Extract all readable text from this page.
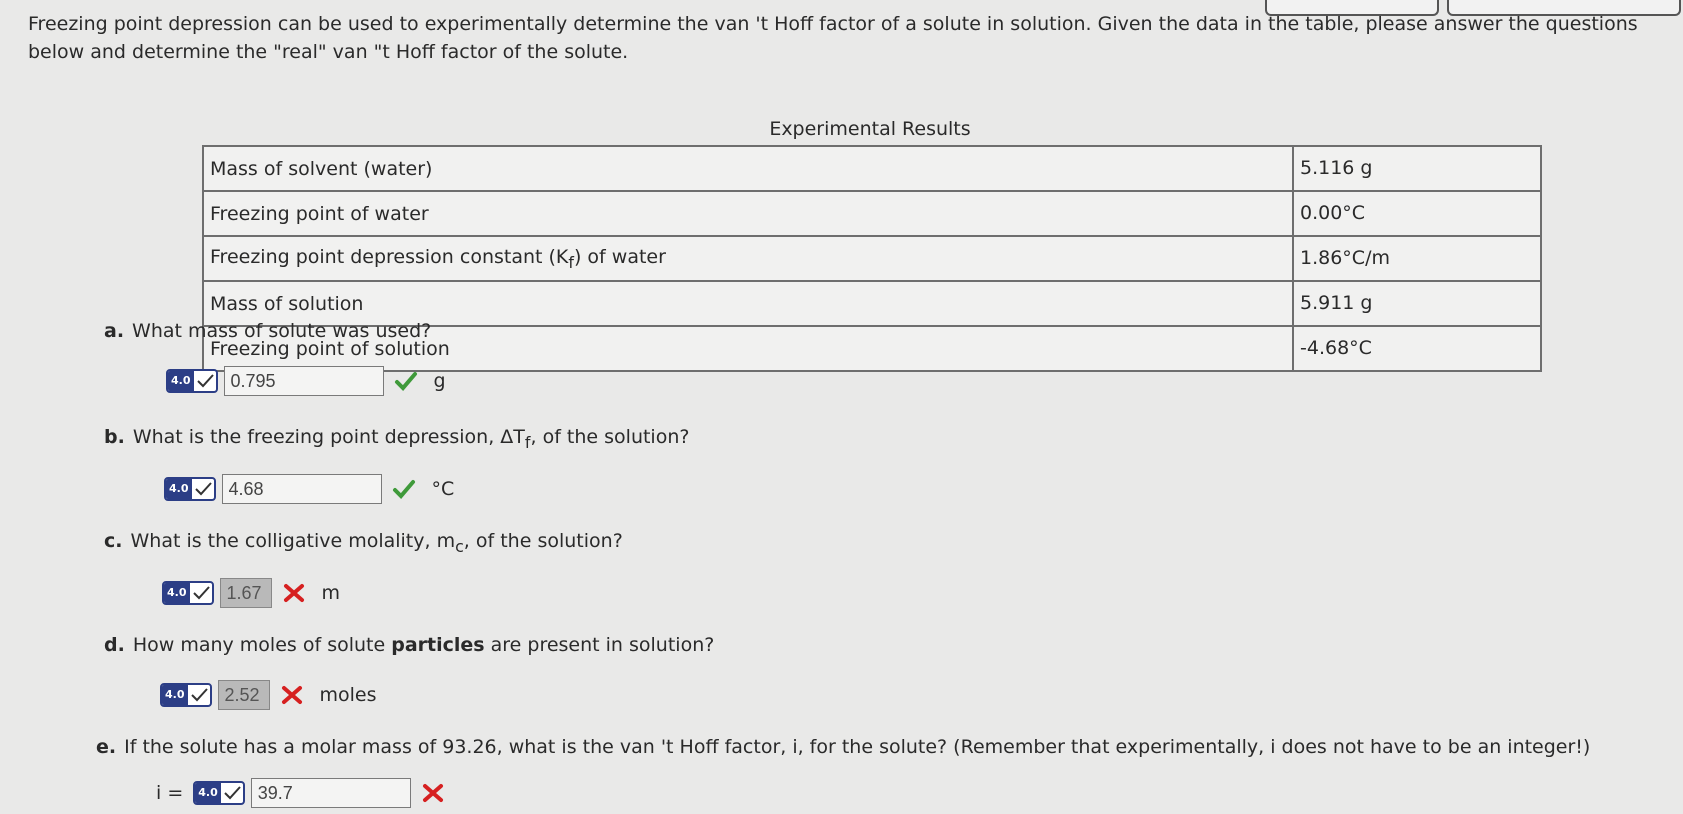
Freezing point depression can be used to experimentally determine the van 't Hoff factor of a solute in solution. Given the data in the table, please answer the questions below and determine the "real" van "t Hoff factor of the solute.

Experimental Results
Mass of solvent (water)	5.116 g
Freezing point of water	0.00°C
Freezing point depression constant $(K_f)$ of water	1.86°C/m
Mass of solution	5.911 g
Freezing point of solution	-4.68°C

a. What mass of solute was used?

4.0
0.795	g

b. What is the freezing point depression, $\Delta T_f$, of the solution?

4.0
4.68	°C

c. What is the colligative molality, $m_c$, of the solution?

4.0
1.67	m

d. How many moles of solute particles are present in solution?

4.0
2.52	moles

e. If the solute has a molar mass of 93.26, what is the van 't Hoff factor, i, for the solute? (Remember that experimentally, i does not have to be an integer!)

i = 4.0
39.7
